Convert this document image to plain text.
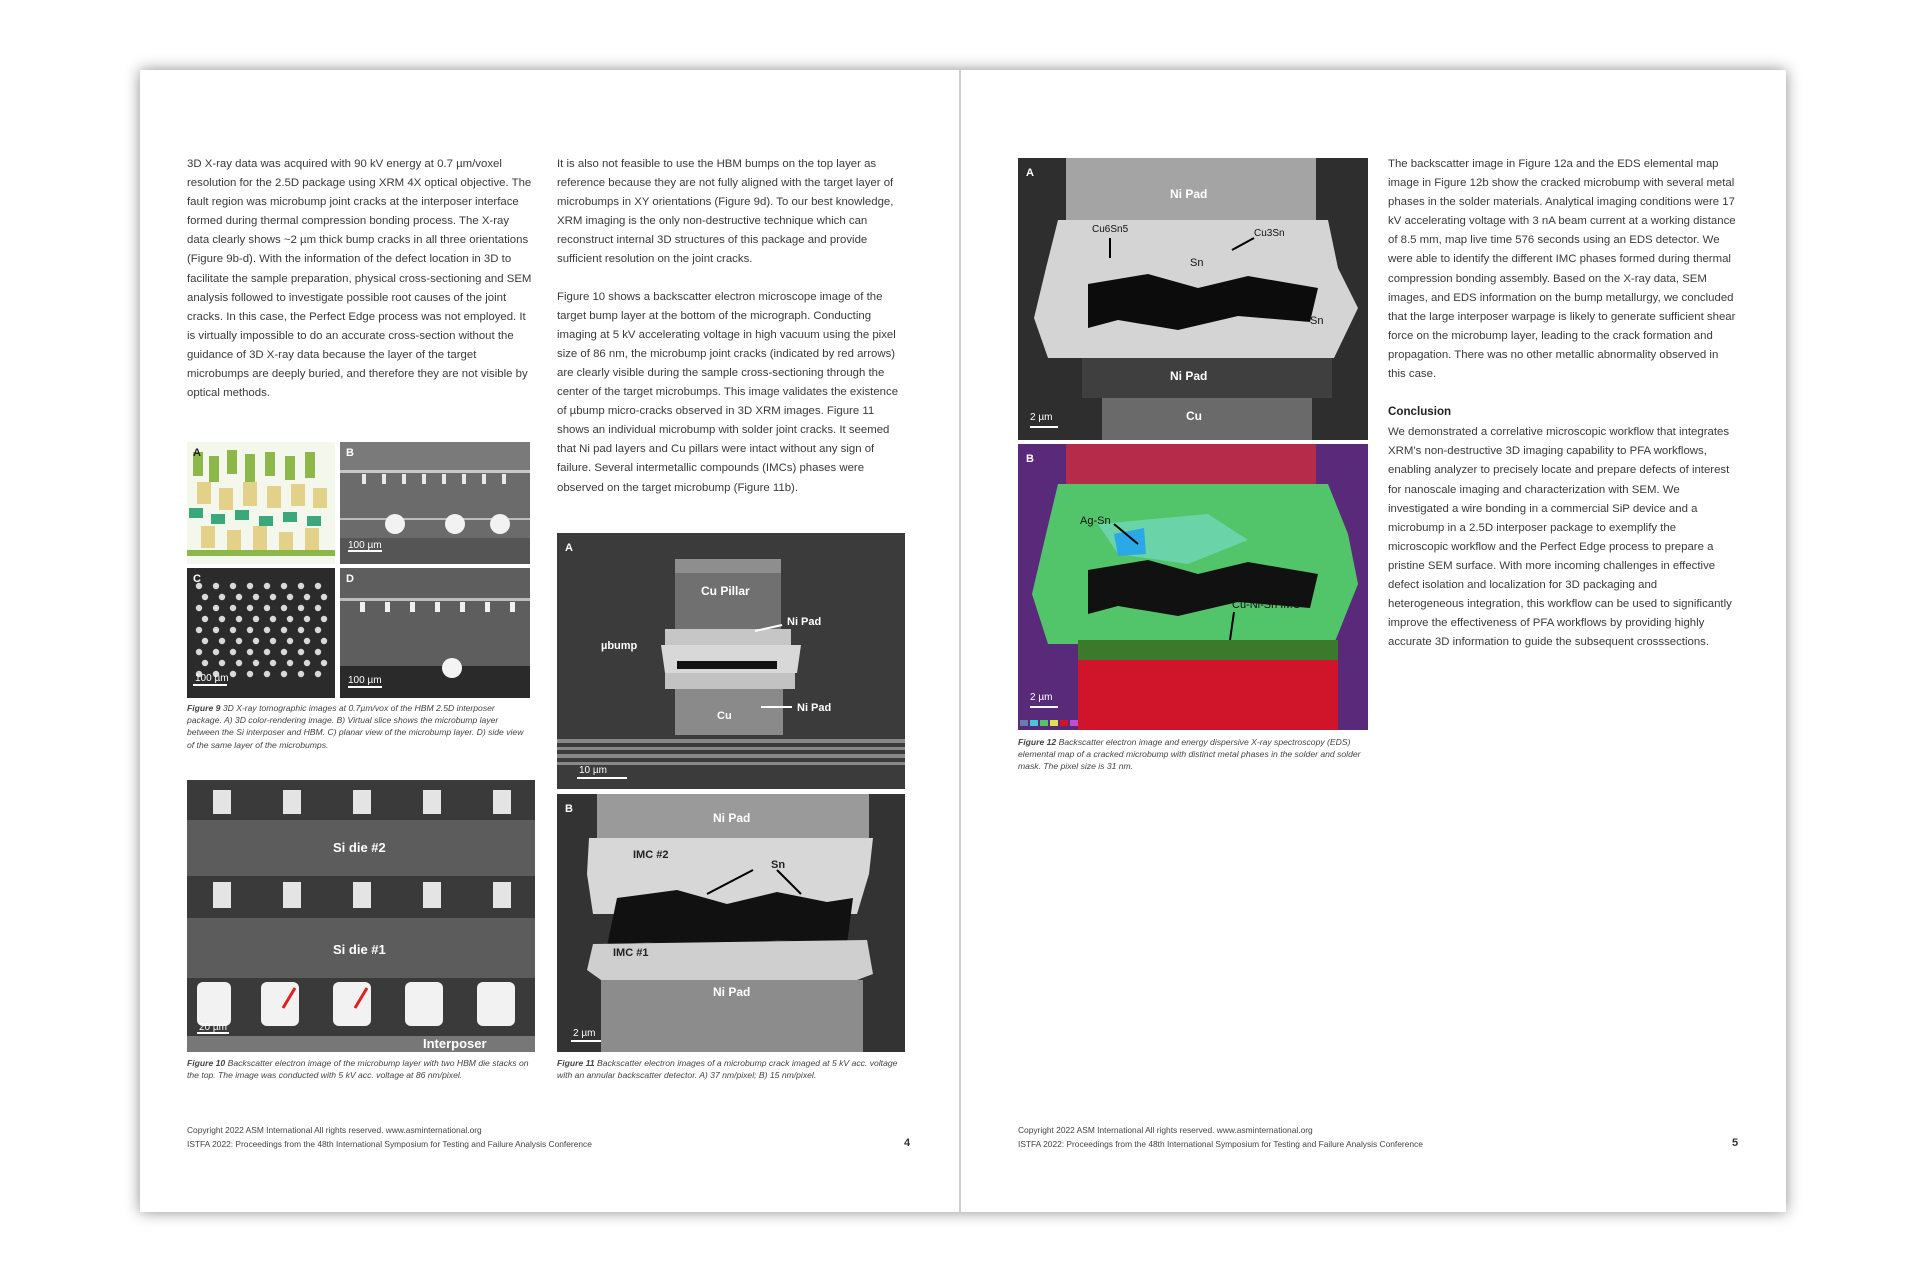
3D X-ray data was acquired with 90 kV energy at 0.7 µm/voxel resolution for the 2.5D package using XRM 4X optical objective. The fault region was microbump joint cracks at the interposer interface formed during thermal compression bonding process. The X-ray data clearly shows ~2 µm thick bump cracks in all three orientations (Figure 9b-d). With the information of the defect location in 3D to facilitate the sample preparation, physical cross-sectioning and SEM analysis followed to investigate possible root causes of the joint cracks. In this case, the Perfect Edge process was not employed. It is virtually impossible to do an accurate cross-section without the guidance of 3D X-ray data because the layer of the target microbumps are deeply buried, and therefore they are not visible by optical methods.

A	B
100 µm
C
100 µm
D
100 µm
Figure 9 3D X-ray tomographic images at 0.7µm/vox of the HBM 2.5D interposer package. A) 3D color-rendering image. B) Virtual slice shows the microbump layer between the Si interposer and HBM. C) planar view of the microbump layer. D) side view of the same layer of the microbumps.
Si die #2
Si die #1
Interposer
20 µm
Figure 10 Backscatter electron image of the microbump layer with two HBM die stacks on the top. The image was conducted with 5 kV acc. voltage at 86 nm/pixel.

It is also not feasible to use the HBM bumps on the top layer as reference because they are not fully aligned with the target layer of microbumps in XY orientations (Figure 9d). To our best knowledge, XRM imaging is the only non-destructive technique which can reconstruct internal 3D structures of this package and provide sufficient resolution on the joint cracks.

Figure 10 shows a backscatter electron microscope image of the target bump layer at the bottom of the micrograph. Conducting imaging at 5 kV accelerating voltage in high vacuum using the pixel size of 86 nm, the microbump joint cracks (indicated by red arrows) are clearly visible during the sample cross-sectioning through the center of the target microbumps. This image validates the existence of µbump micro-cracks observed in 3D XRM images. Figure 11 shows an individual microbump with solder joint cracks. It seemed that Ni pad layers and Cu pillars were intact without any sign of failure. Several intermetallic compounds (IMCs) phases were observed on the target microbump (Figure 11b).

A
Cu Pillar
Ni Pad
µbump
Ni Pad
Cu
10 µm
B
Ni Pad
IMC #2
Sn
IMC #1
Ni Pad
2 µm
Figure 11 Backscatter electron images of a microbump crack imaged at 5 kV acc. voltage with an annular backscatter detector. A) 37 nm/pixel; B) 15 nm/pixel.
Copyright 2022 ASM International All rights reserved. www.asminternational.org
ISTFA 2022: Proceedings from the 48th International Symposium for Testing and Failure Analysis Conference	4
A
Ni Pad
Cu6Sn5	Cu3Sn
Sn
Sn
Ni Pad
Cu
2 µm
B
Ag-Sn
Cu-Ni-Sn IMC
2 µm
Figure 12 Backscatter electron image and energy dispersive X-ray spectroscopy (EDS) elemental map of a cracked microbump with distinct metal phases in the solder and solder mask. The pixel size is 31 nm.

The backscatter image in Figure 12a and the EDS elemental map image in Figure 12b show the cracked microbump with several metal phases in the solder materials. Analytical imaging conditions were 17 kV accelerating voltage with 3 nA beam current at a working distance of 8.5 mm, map live time 576 seconds using an EDS detector. We were able to identify the different IMC phases formed during thermal compression bonding assembly. Based on the X-ray data, SEM images, and EDS information on the bump metallurgy, we concluded that the large interposer warpage is likely to generate sufficient shear force on the microbump layer, leading to the crack formation and propagation. There was no other metallic abnormality observed in this case.

Conclusion

We demonstrated a correlative microscopic workflow that integrates XRM’s non-destructive 3D imaging capability to PFA workflows, enabling analyzer to precisely locate and prepare defects of interest for nanoscale imaging and characterization with SEM. We investigated a wire bonding in a commercial SiP device and a microbump in a 2.5D interposer package to exemplify the microscopic workflow and the Perfect Edge process to prepare a pristine SEM surface. With more incoming challenges in effective defect isolation and localization for 3D packaging and heterogeneous integration, this workflow can be used to significantly improve the effectiveness of PFA workflows by providing highly accurate 3D information to guide the subsequent crosssections.

Copyright 2022 ASM International All rights reserved. www.asminternational.org
ISTFA 2022: Proceedings from the 48th International Symposium for Testing and Failure Analysis Conference	5
